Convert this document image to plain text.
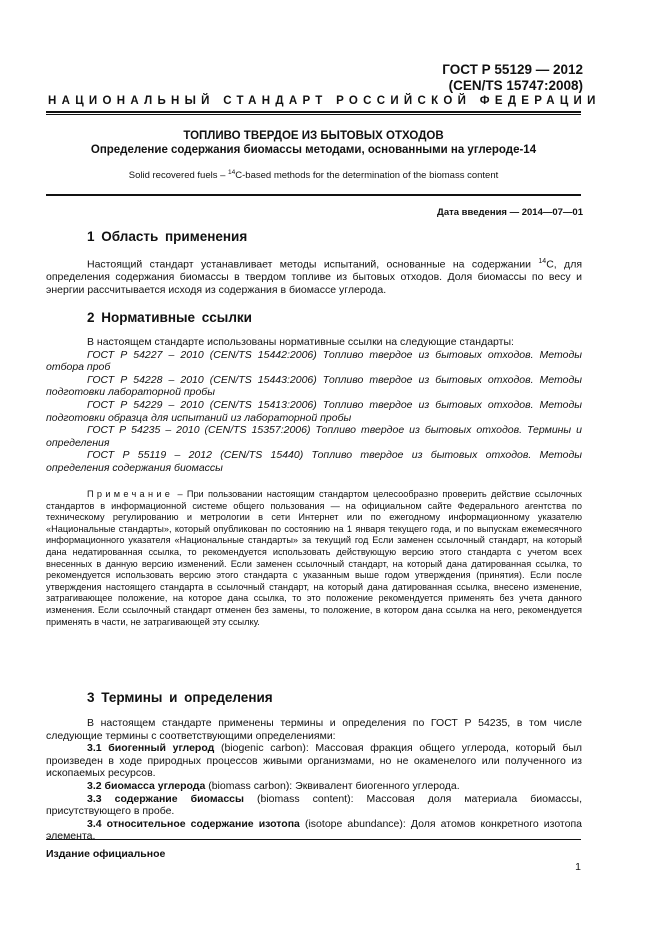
ГОСТ Р 55129 — 2012
(CEN/TS 15747:2008)
НАЦИОНАЛЬНЫЙ СТАНДАРТ РОССИЙСКОЙ ФЕДЕРАЦИИ
ТОПЛИВО ТВЕРДОЕ ИЗ БЫТОВЫХ ОТХОДОВ
Определение содержания биомассы методами, основанными на углероде-14
Solid recovered fuels – $^{14}$C-based methods for the determination of the biomass content
Дата введения — 2014—07—01
1 Область применения

Настоящий стандарт устанавливает методы испытаний, основанные на содержании $^{14}$С, для определения содержания биомассы в твердом топливе из бытовых отходов. Доля биомассы по весу и энергии рассчитывается исходя из содержания в биомассе углерода.

2 Нормативные ссылки

В настоящем стандарте использованы нормативные ссылки на следующие стандарты:

ГОСТ Р 54227 – 2010 (CEN/TS 15442:2006) Топливо твердое из бытовых отходов. Методы отбора проб

ГОСТ Р 54228 – 2010 (CEN/TS 15443:2006) Топливо твердое из бытовых отходов. Методы подготовки лабораторной пробы

ГОСТ Р 54229 – 2010 (CEN/TS 15413:2006) Топливо твердое из бытовых отходов. Методы подготовки образца для испытаний из лабораторной пробы

ГОСТ Р 54235 – 2010 (CEN/TS 15357:2006) Топливо твердое из бытовых отходов. Термины и определения

ГОСТ Р 55119 – 2012 (CEN/TS 15440) Топливо твердое из бытовых отходов. Методы определения содержания биомассы

Примечание – При пользовании настоящим стандартом целесообразно проверить действие ссылочных стандартов в информационной системе общего пользования — на официальном сайте Федерального агентства по техническому регулированию и метрологии в сети Интернет или по ежегодному информационному указателю «Национальные стандарты», который опубликован по состоянию на 1 января текущего года, и по выпускам ежемесячного информационного указателя «Национальные стандарты» за текущий год Если заменен ссылочный стандарт, на который дана недатированная ссылка, то рекомендуется использовать действующую версию этого стандарта с учетом всех внесенных в данную версию изменений. Если заменен ссылочный стандарт, на который дана датированная ссылка, то рекомендуется использовать версию этого стандарта с указанным выше годом утверждения (принятия). Если после утверждения настоящего стандарта в ссылочный стандарт, на который дана датированная ссылка, внесено изменение, затрагивающее положение, на которое дана ссылка, то это положение рекомендуется применять без учета данного изменения. Если ссылочный стандарт отменен без замены, то положение, в котором дана ссылка на него, рекомендуется применять в части, не затрагивающей эту ссылку.

3 Термины и определения

В настоящем стандарте применены термины и определения по ГОСТ Р 54235, в том числе следующие термины с соответствующими определениями:

3.1 биогенный углерод (biogenic carbon): Массовая фракция общего углерода, который был произведен в ходе природных процессов живыми организмами, но не окаменелого или полученного из ископаемых ресурсов.

3.2 биомасса углерода (biomass carbon): Эквивалент биогенного углерода.

3.3 содержание биомассы (biomass content): Массовая доля материала биомассы, присутствующего в пробе.

3.4 относительное содержание изотопа (isotope abundance): Доля атомов конкретного изотопа элемента.

Издание официальное
1
